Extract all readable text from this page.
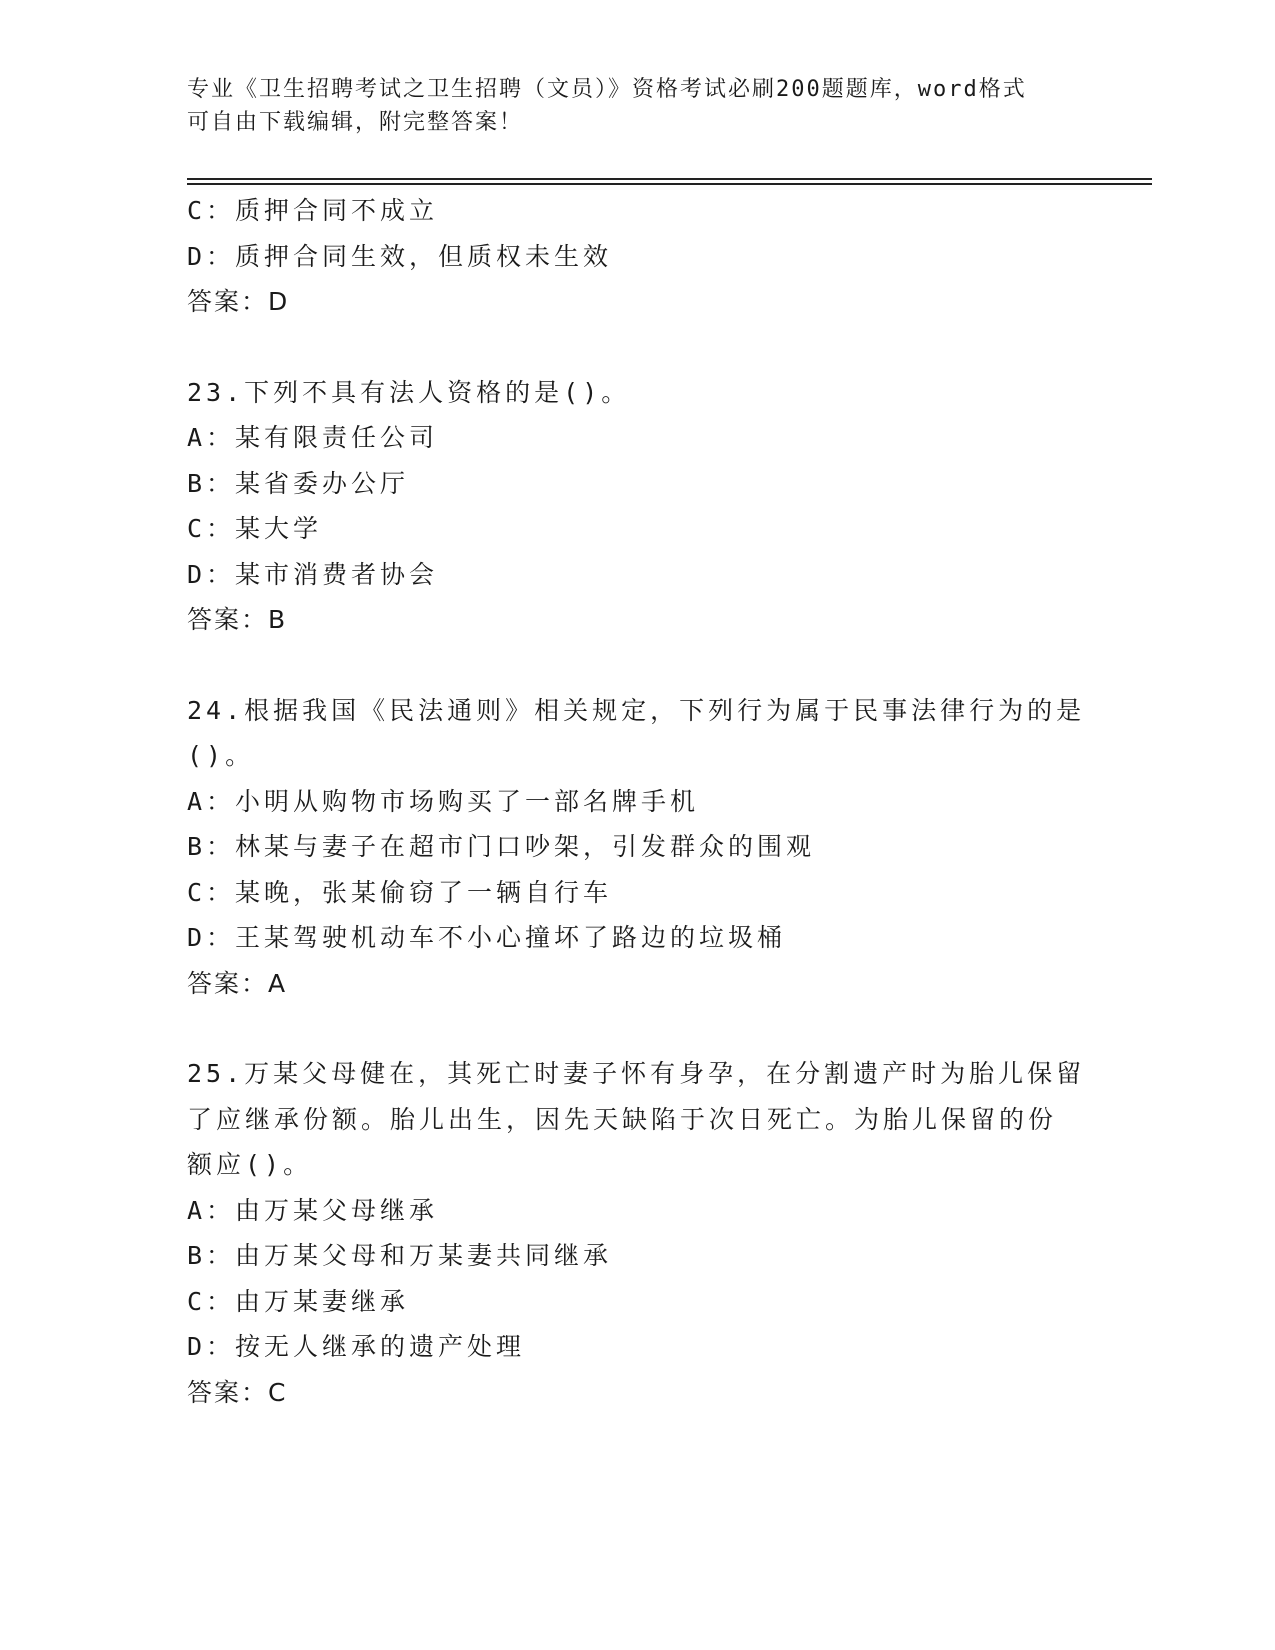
专业《卫生招聘考试之卫生招聘（文员）》资格考试必刷200题题库，word格式
可自由下载编辑，附完整答案！
C：质押合同不成立
D：质押合同生效，但质权未生效
答案：D
23.下列不具有法人资格的是()。
A：某有限责任公司
B：某省委办公厅
C：某大学
D：某市消费者协会
答案：B
24.根据我国《民法通则》相关规定，下列行为属于民事法律行为的是
()。
A：小明从购物市场购买了一部名牌手机
B：林某与妻子在超市门口吵架，引发群众的围观
C：某晚，张某偷窃了一辆自行车
D：王某驾驶机动车不小心撞坏了路边的垃圾桶
答案：A
25.万某父母健在，其死亡时妻子怀有身孕，在分割遗产时为胎儿保留
了应继承份额。胎儿出生，因先天缺陷于次日死亡。为胎儿保留的份
额应()。
A：由万某父母继承
B：由万某父母和万某妻共同继承
C：由万某妻继承
D：按无人继承的遗产处理
答案：C
